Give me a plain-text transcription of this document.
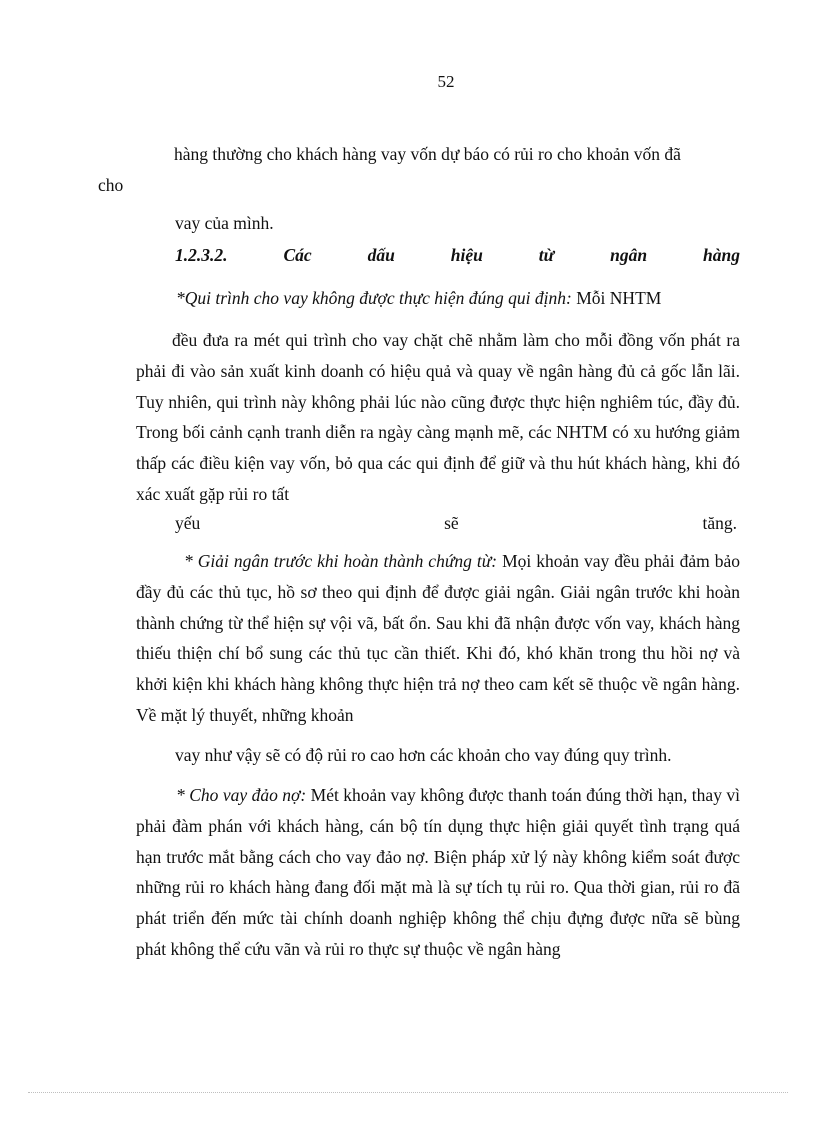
52

hàng thường cho khách hàng vay vốn dự báo có rủi ro cho khoản vốn đã
cho

vay của mình.

1.2.3.2.	Các	dấu	hiệu	từ	ngân	hàng

*Qui trình cho vay không được thực hiện đúng qui định: Mỗi NHTM

đều đưa ra mét qui trình cho vay chặt chẽ nhằm làm cho mỗi đồng vốn phát ra phải đi vào sản xuất kinh doanh có hiệu quả và quay về ngân hàng đủ cả gốc lẫn lãi. Tuy nhiên, qui trình này không phải lúc nào cũng được thực hiện nghiêm túc, đầy đủ. Trong bối cảnh cạnh tranh diễn ra ngày càng mạnh mẽ, các NHTM có xu hướng giảm thấp các điều kiện vay vốn, bỏ qua các qui định để giữ và thu hút khách hàng, khi đó xác xuất gặp rủi ro tất

yếu sẽ tăng.

* Giải ngân trước khi hoàn thành chứng từ: Mọi khoản vay đều phải đảm bảo đầy đủ các thủ tục, hồ sơ theo qui định để được giải ngân. Giải ngân trước khi hoàn thành chứng từ thể hiện sự vội vã, bất ổn. Sau khi đã nhận được vốn vay, khách hàng thiếu thiện chí bổ sung các thủ tục cần thiết. Khi đó, khó khăn trong thu hồi nợ và khởi kiện khi khách hàng không thực hiện trả nợ theo cam kết sẽ thuộc về ngân hàng. Về mặt lý thuyết, những khoản

vay như vậy sẽ có độ rủi ro cao hơn các khoản cho vay đúng quy trình.

* Cho vay đảo nợ: Mét khoản vay không được thanh toán đúng thời hạn, thay vì phải đàm phán với khách hàng, cán bộ tín dụng thực hiện giải quyết tình trạng quá hạn trước mắt bằng cách cho vay đảo nợ. Biện pháp xử lý này không kiểm soát được những rủi ro khách hàng đang đối mặt mà là sự tích tụ rủi ro. Qua thời gian, rủi ro đã phát triển đến mức tài chính doanh nghiệp không thể chịu đựng được nữa sẽ bùng phát không thể cứu vãn và rủi ro thực sự thuộc về ngân hàng
